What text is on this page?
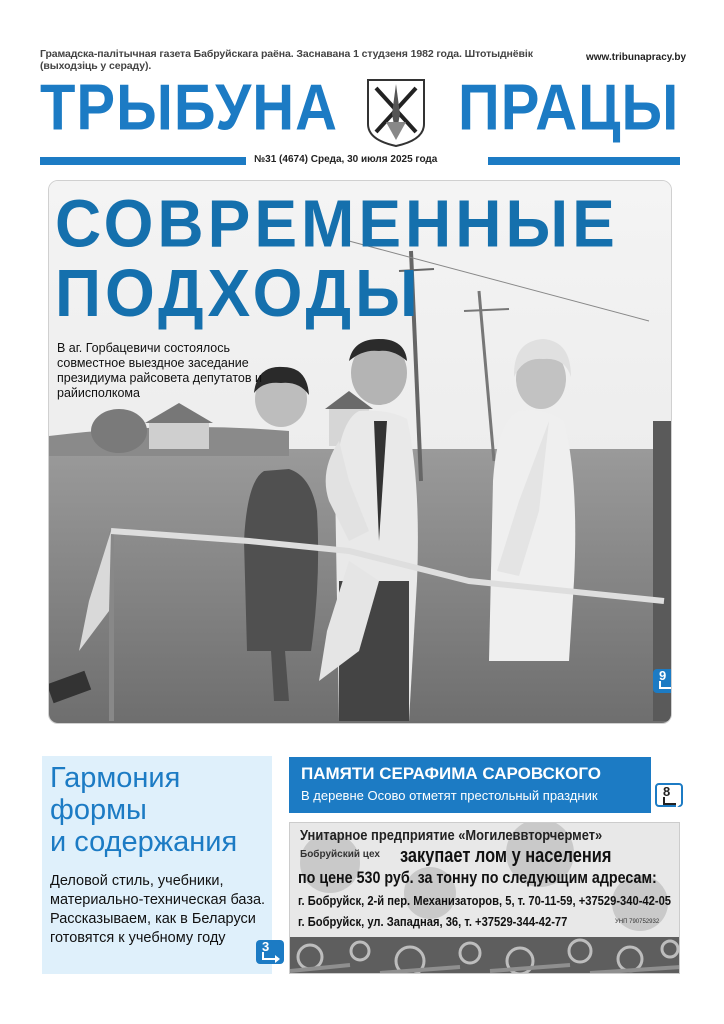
Грамадска-палітычная газета Бабруйскага раёна. Заснавана 1 студзеня 1982 года. Штотыднёвік (выходзіць у сераду).
www.tribunapracy.by
ТРЫБУНА ПРАЦЫ
№31 (4674) Среда, 30 июля 2025 года
СОВРЕМЕННЫЕ
ПОДХОДЫ
В аг. Горбацевичи состоялось совместное выездное заседание президиума райсовета депутатов и райисполкома
9
Гармония
формы
и содержания
Деловой стиль, учебники, материально-техническая база. Рассказываем, как в Беларуси готовятся к учебному году
3
ПАМЯТИ СЕРАФИМА САРОВСКОГО
В деревне Осово отметят престольный праздник	8
Унитарное предприятие «Могилеввторчермет»
Бобруйский цех закупает лом у населения
по цене 530 руб. за тонну по следующим адресам:
г. Бобруйск, 2-й пер. Механизаторов, 5, т. 70-11-59, +37529-340-42-05
г. Бобруйск, ул. Западная, 36, т. +37529-344-42-77	УНП 790752932
